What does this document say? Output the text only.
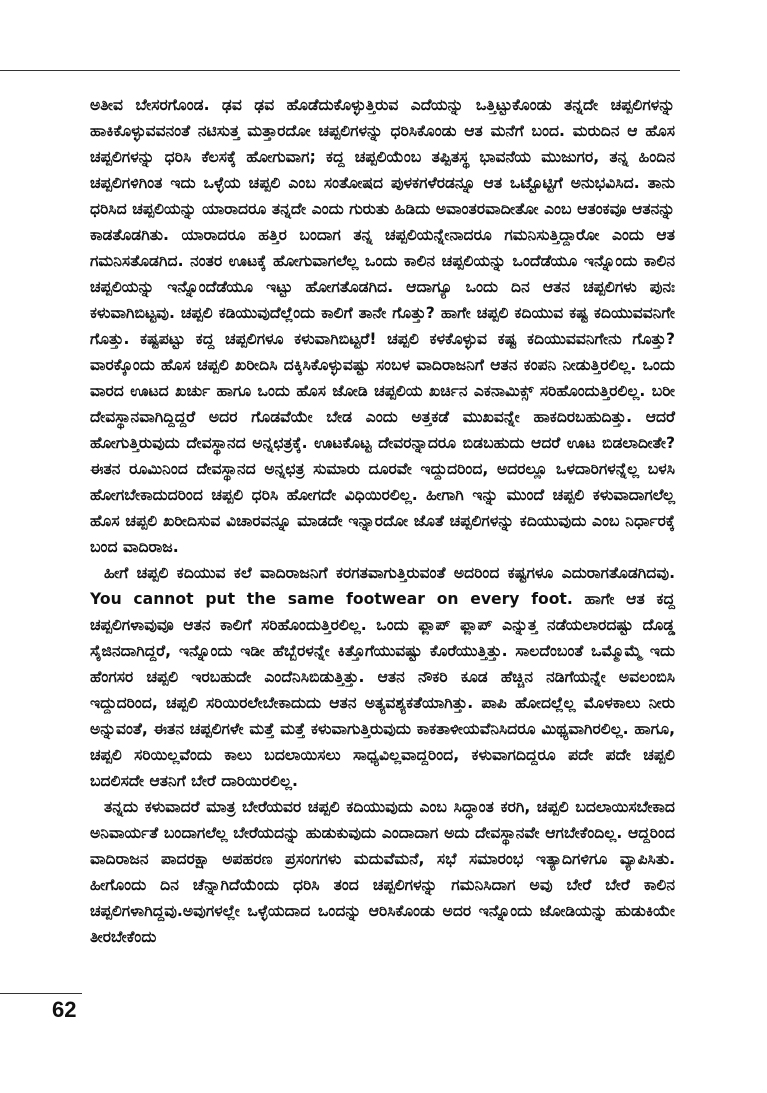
ಅತೀವ ಬೇಸರಗೊಂಡ. ಢವ ಢವ ಹೊಡೆದುಕೊಳ್ಳುತ್ತಿರುವ ಎದೆಯನ್ನು ಒತ್ತಿಟ್ಟುಕೊಂಡು ತನ್ನದೇ ಚಪ್ಪಲಿಗಳನ್ನು ಹಾಕಿಕೊಳ್ಳುವವನಂತೆ ನಟಿಸುತ್ತ ಮತ್ತಾರದೋ ಚಪ್ಪಲಿಗಳನ್ನು ಧರಿಸಿಕೊಂಡು ಆತ ಮನೆಗೆ ಬಂದ. ಮರುದಿನ ಆ ಹೊಸ ಚಪ್ಪಲಿಗಳನ್ನು ಧರಿಸಿ ಕೆಲಸಕ್ಕೆ ಹೋಗುವಾಗ; ಕದ್ದ ಚಪ್ಪಲಿಯೆಂಬ ತಪ್ಪಿತಸ್ಥ ಭಾವನೆಯ ಮುಜುಗರ, ತನ್ನ ಹಿಂದಿನ ಚಪ್ಪಲಿಗಳಿಗಿಂತ ಇದು ಒಳ್ಳೆಯ ಚಪ್ಪಲಿ ಎಂಬ ಸಂತೋಷದ ಪುಳಕಗಳೆರಡನ್ನೂ ಆತ ಒಟ್ಟೊಟ್ಟಿಗೆ ಅನುಭವಿಸಿದ. ತಾನು ಧರಿಸಿದ ಚಪ್ಪಲಿಯನ್ನು ಯಾರಾದರೂ ತನ್ನದೇ ಎಂದು ಗುರುತು ಹಿಡಿದು ಅವಾಂತರವಾದೀತೋ ಎಂಬ ಆತಂಕವೂ ಆತನನ್ನು ಕಾಡತೊಡಗಿತು. ಯಾರಾದರೂ ಹತ್ತಿರ ಬಂದಾಗ ತನ್ನ ಚಪ್ಪಲಿಯನ್ನೇನಾದರೂ ಗಮನಿಸುತ್ತಿದ್ದಾರೋ ಎಂದು ಆತ ಗಮನಿಸತೊಡಗಿದ. ನಂತರ ಊಟಕ್ಕೆ ಹೋಗುವಾಗಲೆಲ್ಲ ಒಂದು ಕಾಲಿನ ಚಪ್ಪಲಿಯನ್ನು ಒಂದೆಡೆಯೂ ಇನ್ನೊಂದು ಕಾಲಿನ ಚಪ್ಪಲಿಯನ್ನು ಇನ್ನೊಂದೆಡೆಯೂ ಇಟ್ಟು ಹೋಗತೊಡಗಿದ. ಆದಾಗ್ಯೂ ಒಂದು ದಿನ ಆತನ ಚಪ್ಪಲಿಗಳು ಪುನಃ ಕಳುವಾಗಿಬಿಟ್ಟವು. ಚಪ್ಪಲಿ ಕಡಿಯುವುದೆಲ್ಲೆಂದು ಕಾಲಿಗೆ ತಾನೇ ಗೊತ್ತು? ಹಾಗೇ ಚಪ್ಪಲಿ ಕದಿಯುವ ಕಷ್ಟ ಕದಿಯುವವನಿಗೇ ಗೊತ್ತು. ಕಷ್ಟಪಟ್ಟು ಕದ್ದ ಚಪ್ಪಲಿಗಳೂ ಕಳುವಾಗಿಬಿಟ್ಟರೆ! ಚಪ್ಪಲಿ ಕಳಕೊಳ್ಳುವ ಕಷ್ಟ ಕದಿಯುವವನಿಗೇನು ಗೊತ್ತು? ವಾರಕ್ಕೊಂದು ಹೊಸ ಚಪ್ಪಲಿ ಖರೀದಿಸಿ ದಕ್ಕಿಸಿಕೊಳ್ಳುವಷ್ಟು ಸಂಬಳ ವಾದಿರಾಜನಿಗೆ ಆತನ ಕಂಪನಿ ನೀಡುತ್ತಿರಲಿಲ್ಲ. ಒಂದು ವಾರದ ಊಟದ ಖರ್ಚು ಹಾಗೂ ಒಂದು ಹೊಸ ಜೋಡಿ ಚಪ್ಪಲಿಯ ಖರ್ಚಿನ ಎಕನಾಮಿಕ್ಸ್ ಸರಿಹೊಂದುತ್ತಿರಲಿಲ್ಲ. ಬರೀ ದೇವಸ್ಥಾನವಾಗಿದ್ದಿದ್ದರೆ ಅದರ ಗೊಡವೆಯೇ ಬೇಡ ಎಂದು ಅತ್ತಕಡೆ ಮುಖವನ್ನೇ ಹಾಕದಿರಬಹುದಿತ್ತು. ಆದರೆ ಹೋಗುತ್ತಿರುವುದು ದೇವಸ್ಥಾನದ ಅನ್ನಛತ್ರಕ್ಕೆ. ಊಟಕೊಟ್ಟ ದೇವರನ್ನಾದರೂ ಬಿಡಬಹುದು ಆದರೆ ಊಟ ಬಿಡಲಾದೀತೇ? ಈತನ ರೂಮಿನಿಂದ ದೇವಸ್ಥಾನದ ಅನ್ನಛತ್ರ ಸುಮಾರು ದೂರವೇ ಇದ್ದುದರಿಂದ, ಅದರಲ್ಲೂ ಒಳದಾರಿಗಳನ್ನೆಲ್ಲ ಬಳಸಿ ಹೋಗಬೇಕಾದುದರಿಂದ ಚಪ್ಪಲಿ ಧರಿಸಿ ಹೋಗದೇ ವಿಧಿಯಿರಲಿಲ್ಲ. ಹೀಗಾಗಿ ಇನ್ನು ಮುಂದೆ ಚಪ್ಪಲಿ ಕಳುವಾದಾಗಲೆಲ್ಲ ಹೊಸ ಚಪ್ಪಲಿ ಖರೀದಿಸುವ ವಿಚಾರವನ್ನೂ ಮಾಡದೇ ಇನ್ನಾರದೋ ಜೊತೆ ಚಪ್ಪಲಿಗಳನ್ನು ಕದಿಯುವುದು ಎಂಬ ನಿರ್ಧಾರಕ್ಕೆ ಬಂದ ವಾದಿರಾಜ.

ಹೀಗೆ ಚಪ್ಪಲಿ ಕದಿಯುವ ಕಲೆ ವಾದಿರಾಜನಿಗೆ ಕರಗತವಾಗುತ್ತಿರುವಂತೆ ಅದರಿಂದ ಕಷ್ಟಗಳೂ ಎದುರಾಗತೊಡಗಿದವು. You cannot put the same footwear on every foot. ಹಾಗೇ ಆತ ಕದ್ದ ಚಪ್ಪಲಿಗಳಾವುವೂ ಆತನ ಕಾಲಿಗೆ ಸರಿಹೊಂದುತ್ತಿರಲಿಲ್ಲ. ಒಂದು ಫ್ಲಾಪ್ ಫ್ಲಾಪ್ ಎನ್ನುತ್ತ ನಡೆಯಲಾರದಷ್ಟು ದೊಡ್ಡ ಸೈಜಿನದಾಗಿದ್ದರೆ, ಇನ್ನೊಂದು ಇಡೀ ಹೆಬ್ಬೆರಳನ್ನೇ ಕಿತ್ತೊಗೆಯುವಷ್ಟು ಕೊರೆಯುತ್ತಿತ್ತು. ಸಾಲದೆಂಬಂತೆ ಒಮ್ಮೊಮ್ಮೆ ಇದು ಹೆಂಗಸರ ಚಪ್ಪಲಿ ಇರಬಹುದೇ ಎಂದೆನಿಸಿಬಿಡುತ್ತಿತ್ತು. ಆತನ ನೌಕರಿ ಕೂಡ ಹೆಚ್ಚಿನ ನಡಿಗೆಯನ್ನೇ ಅವಲಂಬಿಸಿ ಇದ್ದುದರಿಂದ, ಚಪ್ಪಲಿ ಸರಿಯಿರಲೇಬೇಕಾದುದು ಆತನ ಅತ್ಯವಶ್ಯಕತೆಯಾಗಿತ್ತು. ಪಾಪಿ ಹೋದಲ್ಲೆಲ್ಲ ಮೊಳಕಾಲು ನೀರು ಅನ್ನುವಂತೆ, ಈತನ ಚಪ್ಪಲಿಗಳೇ ಮತ್ತೆ ಮತ್ತೆ ಕಳುವಾಗುತ್ತಿರುವುದು ಕಾಕತಾಳೀಯವೆನಿಸಿದರೂ ಮಿಥ್ಯವಾಗಿರಲಿಲ್ಲ. ಹಾಗೂ, ಚಪ್ಪಲಿ ಸರಿಯಿಲ್ಲವೆಂದು ಕಾಲು ಬದಲಾಯಿಸಲು ಸಾಧ್ಯವಿಲ್ಲವಾದ್ದರಿಂದ, ಕಳುವಾಗದಿದ್ದರೂ ಪದೇ ಪದೇ ಚಪ್ಪಲಿ ಬದಲಿಸದೇ ಆತನಿಗೆ ಬೇರೆ ದಾರಿಯಿರಲಿಲ್ಲ.

ತನ್ನದು ಕಳುವಾದರೆ ಮಾತ್ರ ಬೇರೆಯವರ ಚಪ್ಪಲಿ ಕದಿಯುವುದು ಎಂಬ ಸಿದ್ಧಾಂತ ಕರಗಿ, ಚಪ್ಪಲಿ ಬದಲಾಯಿಸಬೇಕಾದ ಅನಿವಾರ್ಯತೆ ಬಂದಾಗಲೆಲ್ಲ ಬೇರೆಯದನ್ನು ಹುಡುಕುವುದು ಎಂದಾದಾಗ ಅದು ದೇವಸ್ಥಾನವೇ ಆಗಬೇಕೆಂದಿಲ್ಲ. ಆದ್ದರಿಂದ ವಾದಿರಾಜನ ಪಾದರಕ್ಷಾ ಅಪಹರಣ ಪ್ರಸಂಗಗಳು ಮದುವೆಮನೆ, ಸಭೆ ಸಮಾರಂಭ ಇತ್ಯಾದಿಗಳಿಗೂ ವ್ಯಾಪಿಸಿತು. ಹೀಗೊಂದು ದಿನ ಚೆನ್ನಾಗಿದೆಯೆಂದು ಧರಿಸಿ ತಂದ ಚಪ್ಪಲಿಗಳನ್ನು ಗಮನಿಸಿದಾಗ ಅವು ಬೇರೆ ಬೇರೆ ಕಾಲಿನ ಚಪ್ಪಲಿಗಳಾಗಿದ್ದವು.ಅವುಗಳಲ್ಲೇ ಒಳ್ಳೆಯದಾದ ಒಂದನ್ನು ಆರಿಸಿಕೊಂಡು ಅದರ ಇನ್ನೊಂದು ಜೋಡಿಯನ್ನು ಹುಡುಕಿಯೇ ತೀರಬೇಕೆಂದು

62
